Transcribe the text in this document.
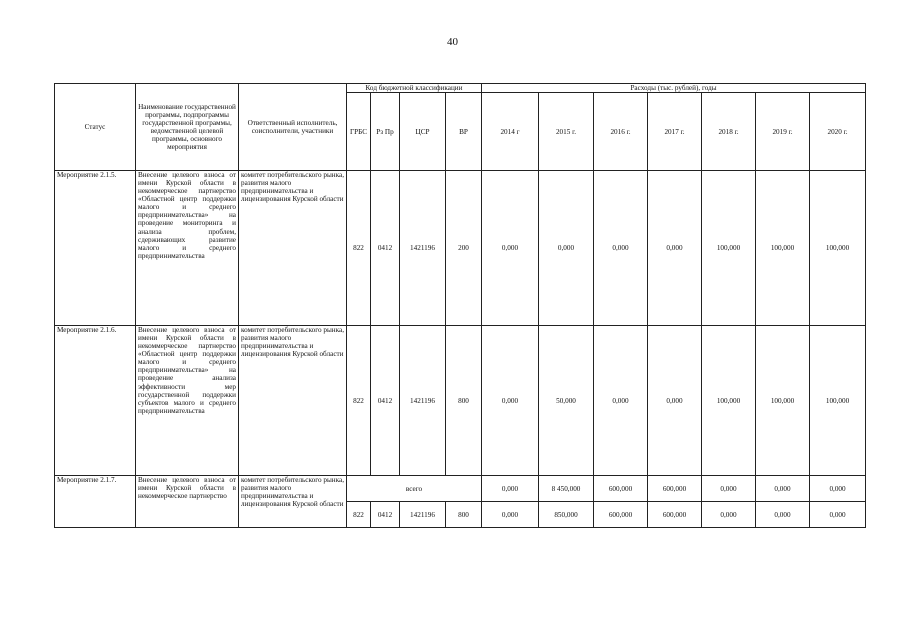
40
Статус	Наименование государственной программы, подпрограммы государственной программы, ведомственной целевой программы, основного мероприятия	Ответственный исполнитель, соисполнители, участники	Код бюджетной классификации				Расходы (тыс. рублей), годы						
			ГРБС	Рз Пр	ЦСР	ВР	2014 г	2015 г.	2016 г.	2017 г.	2018 г.	2019 г.	2020 г.
Мероприятие 2.1.5.	Внесение целевого взноса от имени Курской области в некоммерческое партнерство «Областной центр поддержки малого и среднего предпринимательства» на проведение мониторинга и анализа проблем, сдерживающих развитие малого и среднего предпринимательства	комитет потребительского рынка, развития малого предпринимательства и лицензирования Курской области	822	0412	1421196	200	0,000	0,000	0,000	0,000	100,000	100,000	100,000
Мероприятие 2.1.6.	Внесение целевого взноса от имени Курской области в некоммерческое партнерство «Областной центр поддержки малого и среднего предпринимательства» на проведение анализа эффективности мер государственной поддержки субъектов малого и среднего предпринимательства	комитет потребительского рынка, развития малого предпринимательства и лицензирования Курской области	822	0412	1421196	800	0,000	50,000	0,000	0,000	100,000	100,000	100,000
Мероприятие 2.1.7.	Внесение целевого взноса от имени Курской области в некоммерческое партнерство	комитет потребительского рынка, развития малого предпринимательства и лицензирования Курской области	всего				0,000	8 450,000	600,000	600,000	0,000	0,000	0,000
			822	0412	1421196	800	0,000	850,000	600,000	600,000	0,000	0,000	0,000
